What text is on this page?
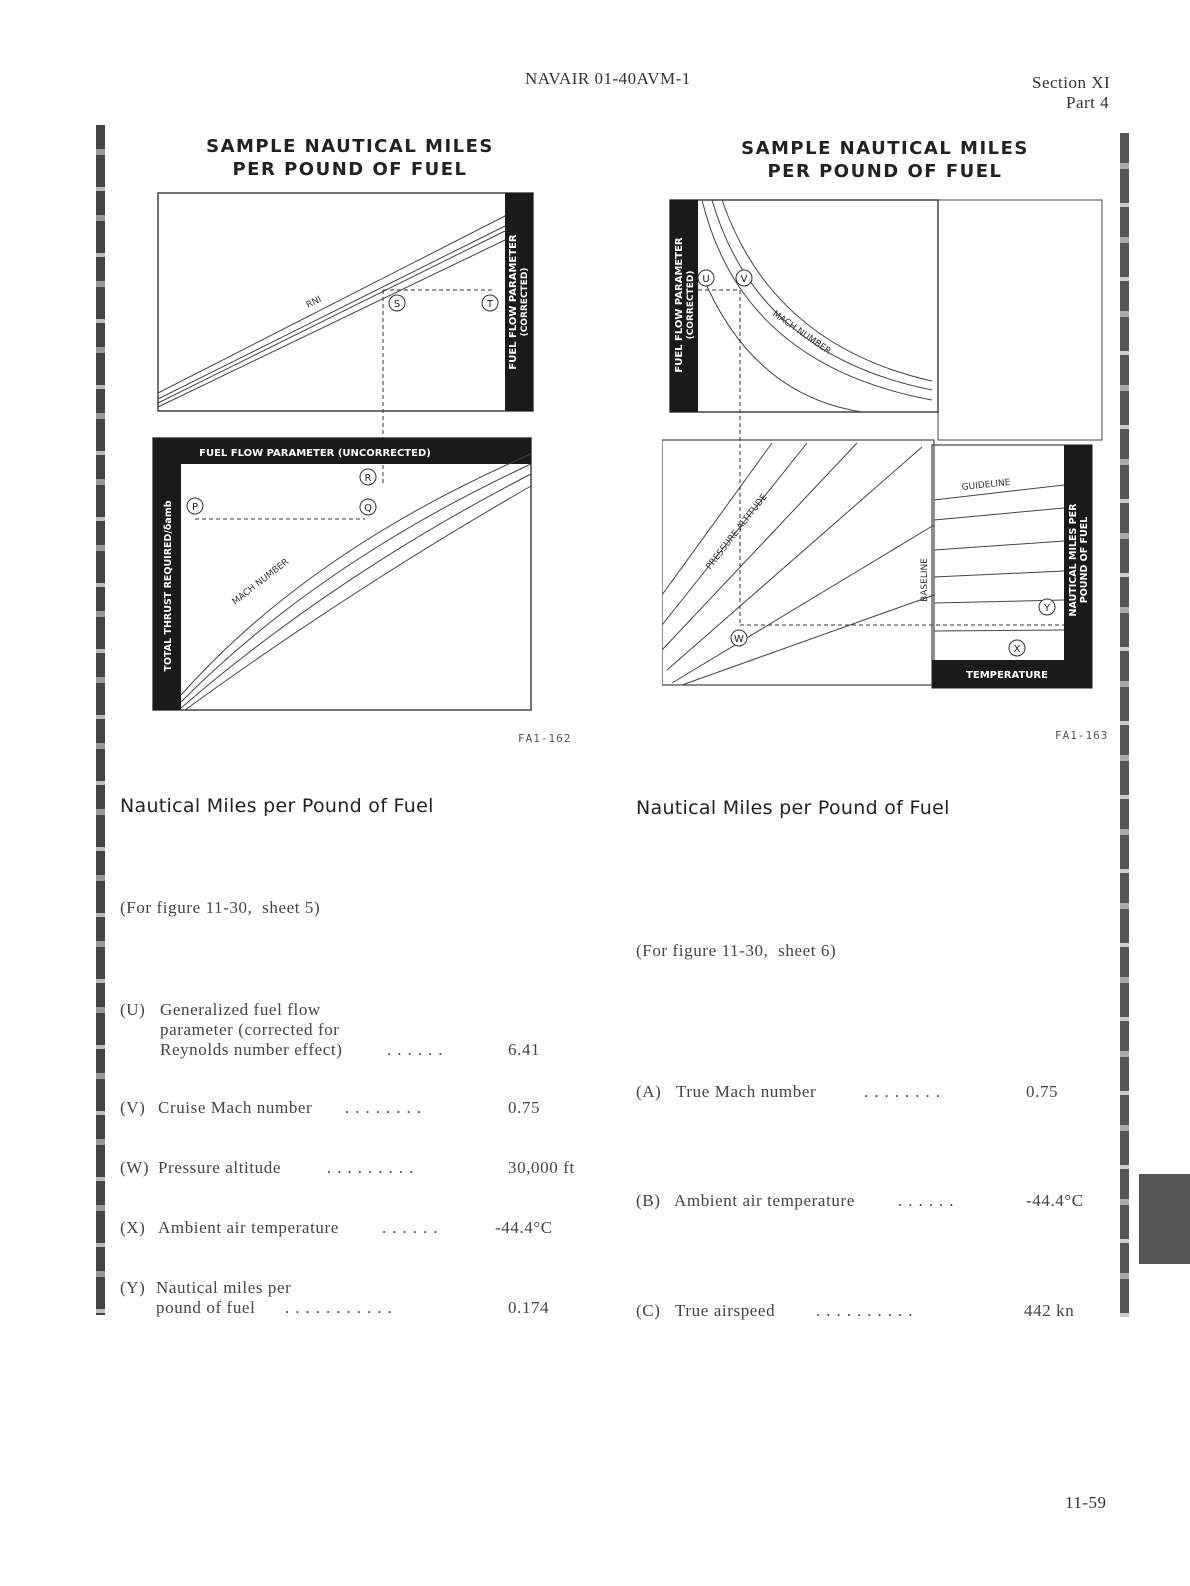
NAVAIR 01-40AVM-1	Section XI
Part 4
SAMPLE NAUTICAL MILES
PER POUND OF FUEL
RNI	S	T FUEL FLOW PARAMETER (CORRECTED)
FUEL FLOW PARAMETER (UNCORRECTED)
TOTAL THRUST REQUIRED/δamb	MACH NUMBER
R
Q
P
FA1-162
SAMPLE NAUTICAL MILES
PER POUND OF FUEL
FUEL FLOW PARAMETER (CORRECTED)	MACH NUMBER
U	V
PRESSURE ALTITUDE
W
TEMPERATURE
NAUTICAL MILES PER POUND OF FUEL
GUIDELINE
BASELINE
X
Y
FA1-163
Nautical Miles per Pound of Fuel
(For figure 11-30,  sheet 5)
(U) Generalized fuel flow
parameter (corrected for
Reynolds number effect)	......	6.41
(V) Cruise Mach number ........	0.75
(W) Pressure altitude	.........	30,000 ft
(X) Ambient air temperature	......	-44.4°C
(Y) Nautical miles per
pound of fuel ...........	0.174
Nautical Miles per Pound of Fuel
(For figure 11-30,  sheet 6)
(A) True Mach number	........	0.75
(B) Ambient air temperature	......	-44.4°C
(C) True airspeed ..........	442 kn
11-59
